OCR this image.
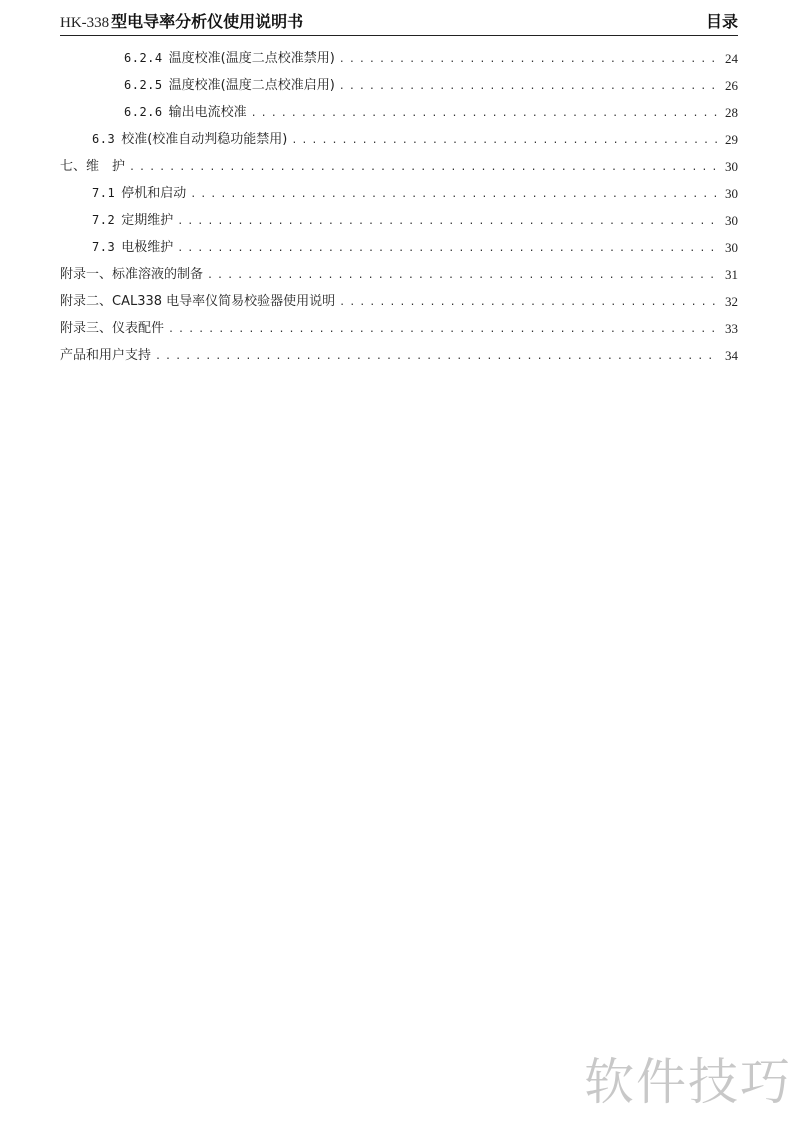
HK-338 型电导率分析仪使用说明书	目录
6.2.4 温度校准(温度二点校准禁用) . . .	24
6.2.5 温度校准(温度二点校准启用) . . .	26
6.2.6 输出电流校准 . . .	28
6.3 校准(校准自动判稳功能禁用) . . .	29
七、维　护 . . .	30
7.1 停机和启动 . . .	30
7.2 定期维护 . . .	30
7.3 电极维护 . . .	30
附录一、标准溶液的制备 . . .	31
附录二、CAL338 电导率仪简易校验器使用说明 . . .	32
附录三、仪表配件 . . .	33
产品和用户支持 . . .	34
软件技巧
